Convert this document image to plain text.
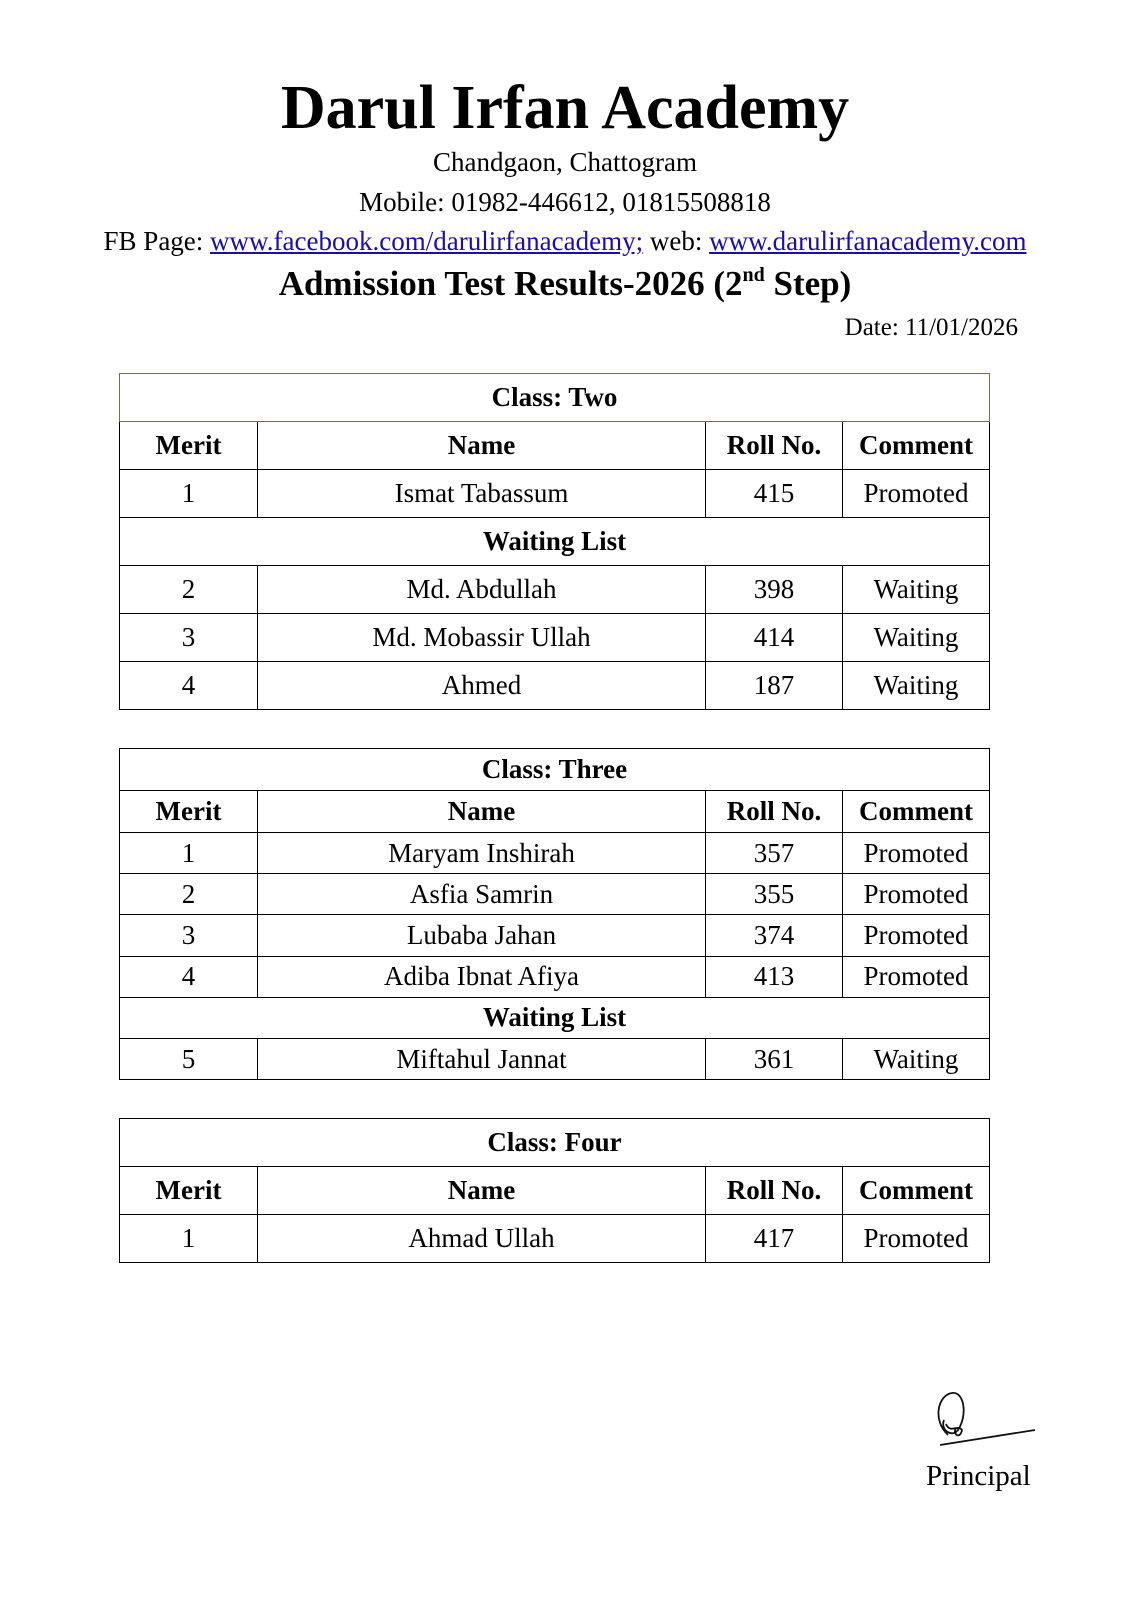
Darul Irfan Academy
Chandgaon, Chattogram
Mobile: 01982-446612, 01815508818
FB Page: www.facebook.com/darulirfanacademy; web: www.darulirfanacademy.com
Admission Test Results-2026 (2nd Step)
Date: 11/01/2026
Class: Two			
Merit	Name	Roll No.	Comment
1	Ismat Tabassum	415	Promoted
Waiting List			
2	Md. Abdullah	398	Waiting
3	Md. Mobassir Ullah	414	Waiting
4	Ahmed	187	Waiting
Class: Three			
Merit	Name	Roll No.	Comment
1	Maryam Inshirah	357	Promoted
2	Asfia Samrin	355	Promoted
3	Lubaba Jahan	374	Promoted
4	Adiba Ibnat Afiya	413	Promoted
Waiting List			
5	Miftahul Jannat	361	Waiting
Class: Four			
Merit	Name	Roll No.	Comment
1	Ahmad Ullah	417	Promoted
Principal
